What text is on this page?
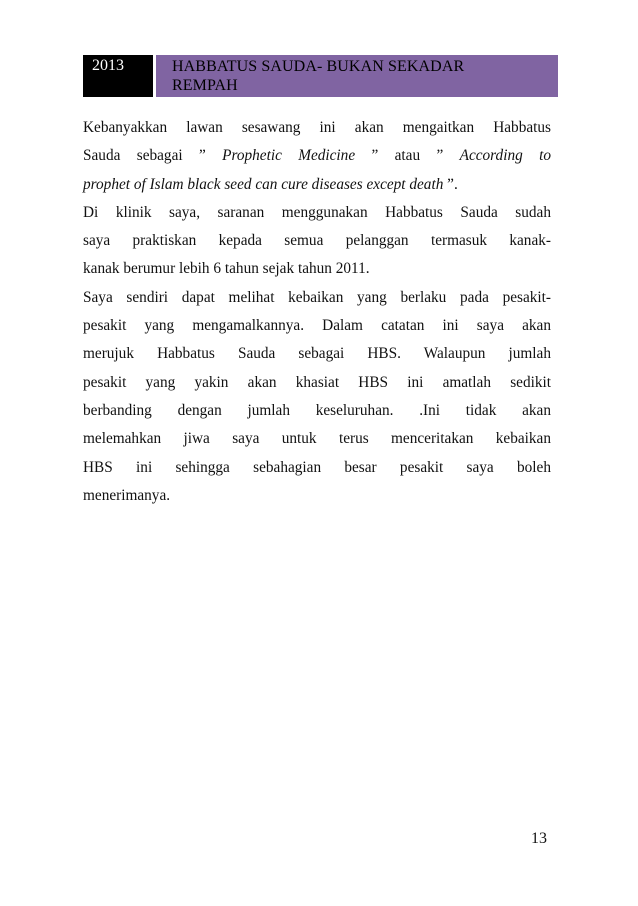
2013	HABBATUS SAUDA- BUKAN SEKADAR
REMPAH
Kebanyakkan lawan sesawang ini akan mengaitkan Habbatus
Sauda sebagai ” Prophetic Medicine ” atau ” According to
prophet of Islam black seed can cure diseases except death ”.
Di klinik saya, saranan menggunakan Habbatus Sauda sudah
saya praktiskan kepada semua pelanggan termasuk kanak-
kanak berumur lebih 6 tahun sejak tahun 2011.
Saya sendiri dapat melihat kebaikan yang berlaku pada pesakit-
pesakit yang mengamalkannya. Dalam catatan ini saya akan
merujuk Habbatus Sauda sebagai HBS. Walaupun jumlah
pesakit yang yakin akan khasiat HBS ini amatlah sedikit
berbanding dengan jumlah keseluruhan. .Ini tidak akan
melemahkan jiwa saya untuk terus menceritakan kebaikan
HBS ini sehingga sebahagian besar pesakit saya boleh
menerimanya.
13
